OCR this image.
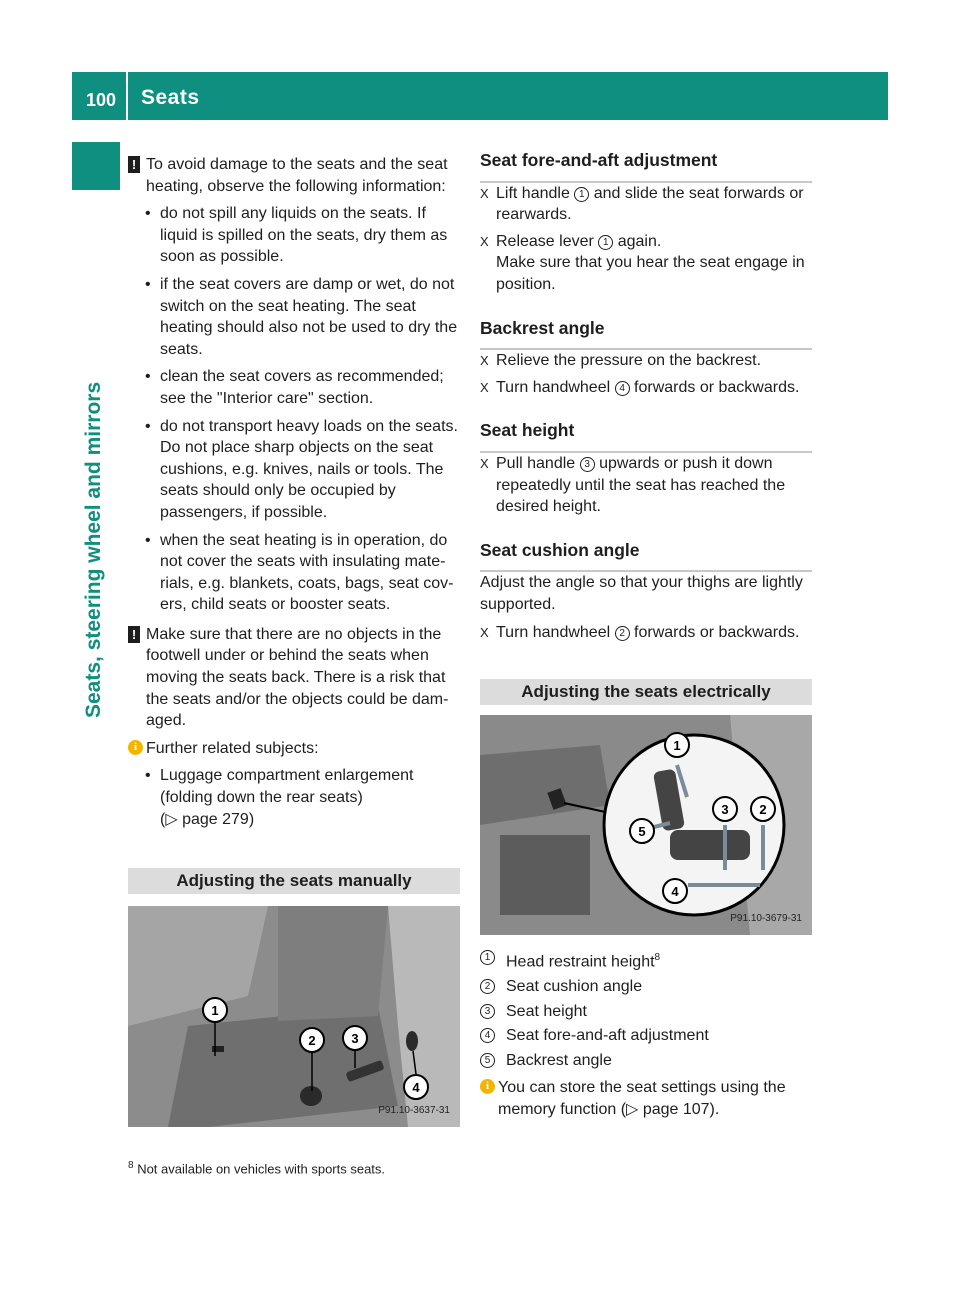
100 Seats
Seats, steering wheel and mirrors
! To avoid damage to the seats and the seat heating, observe the following information:
• do not spill any liquids on the seats. If liquid is spilled on the seats, dry them as soon as possible.
• if the seat covers are damp or wet, do not switch on the seat heating. The seat heating should also not be used to dry the seats.
• clean the seat covers as recommended; see the "Interior care" section.
• do not transport heavy loads on the seats. Do not place sharp objects on the seat cushions, e.g. knives, nails or tools. The seats should only be occupied by passengers, if possible.
• when the seat heating is in operation, do not cover the seats with insulating mate-rials, e.g. blankets, coats, bags, seat cov-ers, child seats or booster seats.
! Make sure that there are no objects in the footwell under or behind the seats when moving the seats back. There is a risk that the seats and/or the objects could be dam-aged.
i Further related subjects:
• Luggage compartment enlargement
(folding down the rear seats)
(▷ page 279)
Adjusting the seats manually
1
2	3
4
P91.10-3637-31

Seat fore-and-aft adjustment

X Lift handle 1 and slide the seat forwards or rearwards.
X Release lever 1 again.

Make sure that you hear the seat engage in position.

Backrest angle

X Relieve the pressure on the backrest.
X Turn handwheel 4 forwards or backwards.

Seat height

X Pull handle 3 upwards or push it down repeatedly until the seat has reached the desired height.

Seat cushion angle

Adjust the angle so that your thighs are lightly supported.

X Turn handwheel 2 forwards or backwards.
Adjusting the seats electrically
1
3 2
5
4
P91.10-3679-31
1 Head restraint height$^8$
2 Seat cushion angle
3 Seat height
4 Seat fore-and-aft adjustment
5 Backrest angle
i You can store the seat settings using the memory function (▷ page 107).
$^8$ Not available on vehicles with sports seats.
